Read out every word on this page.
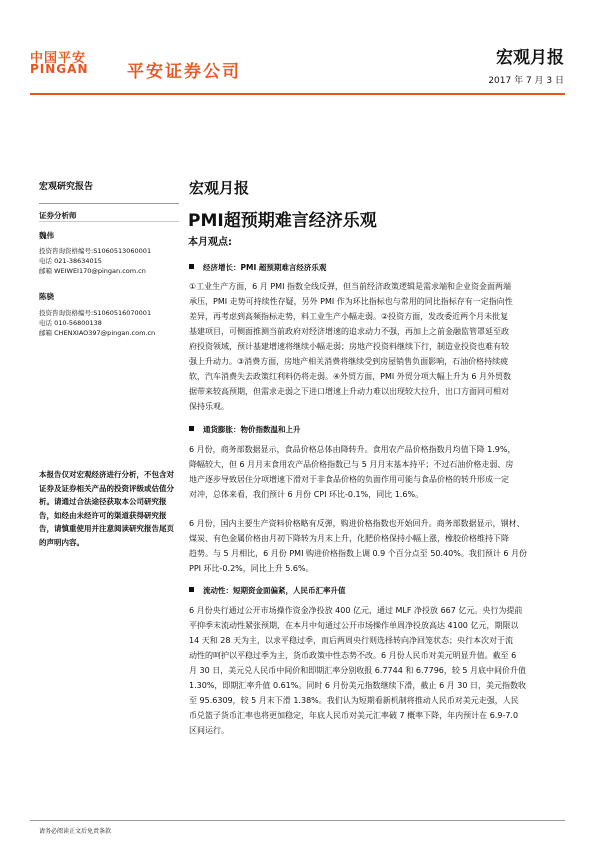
中国平安
PINGAN 平安证券公司
宏观月报
2017 年 7 月 3 日
宏观研究报告
证券分析师
魏伟
投资咨询资格编号:S1060513060001
电话 021-38634015
邮箱 WEIWEI170@pingan.com.cn
陈骁
投资咨询资格编号:S1060516070001
电话 010-56800138
邮箱 CHENXIAO397@pingan.com.cn
本报告仅对宏观经济进行分析，不包含对证券及证券相关产品的投资评级或估值分析。请通过合法途径获取本公司研究报告，如经由未经许可的渠道获得研究报告，请慎重使用并注意阅读研究报告尾页的声明内容。
宏观月报
PMI超预期难言经济乐观
本月观点:
经济增长：PMI 超预期难言经济乐观
①工业生产方面，6 月 PMI 指数全线反弹，但当前经济政策逻辑是需求端和企业资金面两端
承压，PMI 走势可持续性存疑，另外 PMI 作为环比指标也与常用的同比指标存有一定指向性
差异，再考虑到高频指标走势，料工业生产小幅走弱。②投资方面，发改委近两个月未批复
基建项目，可侧面推测当前政府对经济增速的追求动力不强，再加上之前金融监管罩延至政
府投资领域，预计基建增速将继续小幅走弱；房地产投资料继续下行，制造业投资也难有较
强上升动力。③消费方面，房地产相关消费将继续受到房屋销售负面影响，石油价格持续疲
软，汽车消费失去政策红利料仍将走弱。④外贸方面，PMI 外贸分项大幅上升为 6 月外贸数
据带来较高预期，但需求走弱之下进口增速上升动力难以出现较大拉升，出口方面同可相对
保持乐观。
通货膨胀：物价指数温和上升
6 月份，商务部数据显示，食品价格总体由降转升。食用农产品价格指数月均值下降 1.9%，
降幅较大，但 6 月月末食用农产品价格指数已与 5 月月末基本持平；不过石油价格走弱、房
地产逐步导致居住分项增速下滑对于非食品价格的负面作用可能与食品价格的转升形成一定
对冲，总体来看，我们预计 6 月份 CPI 环比-0.1%，同比 1.6%。
6 月份，国内主要生产资料价格略有反弹，购进价格指数也开始回升。商务部数据显示，钢材、
煤炭、有色金属价格由月初下降转为月末上升，化肥价格保持小幅上涨，橡胶价格维持下降
趋势。与 5 月相比，6 月份 PMI 购进价格指数上调 0.9 个百分点至 50.40%。我们预计 6 月份
PPI 环比-0.2%，同比上升 5.6%。
流动性：短期资金面偏紧，人民币汇率升值
6 月份央行通过公开市场操作资金净投放 400 亿元，通过 MLF 净投放 667 亿元。央行为提前
平抑季末流动性紧张预期，在本月中旬通过公开市场操作单周净投放高达 4100 亿元，期限以
14 天和 28 天为主，以求平稳过季，而后两周央行则选择转向净回笼状态；央行本次对于流
动性的呵护以平稳过季为主，货币政策中性态势不改。6 月份人民币对美元明显升值。截至 6
月 30 日，美元兑人民币中间价和即期汇率分别收报 6.7744 和 6.7796，较 5 月底中间价升值
1.30%，即期汇率升值 0.61%。同时 6 月份美元指数继续下滑，截止 6 月 30 日，美元指数收
至 95.6309，较 5 月末下滑 1.38%。我们认为短期看新机制将推动人民币对美元走强，人民
币兑篮子货币汇率也将更加稳定，年底人民币对美元汇率破 7 概率下降，年内预计在 6.9-7.0
区间运行。
请务必阅读正文后免责条款
